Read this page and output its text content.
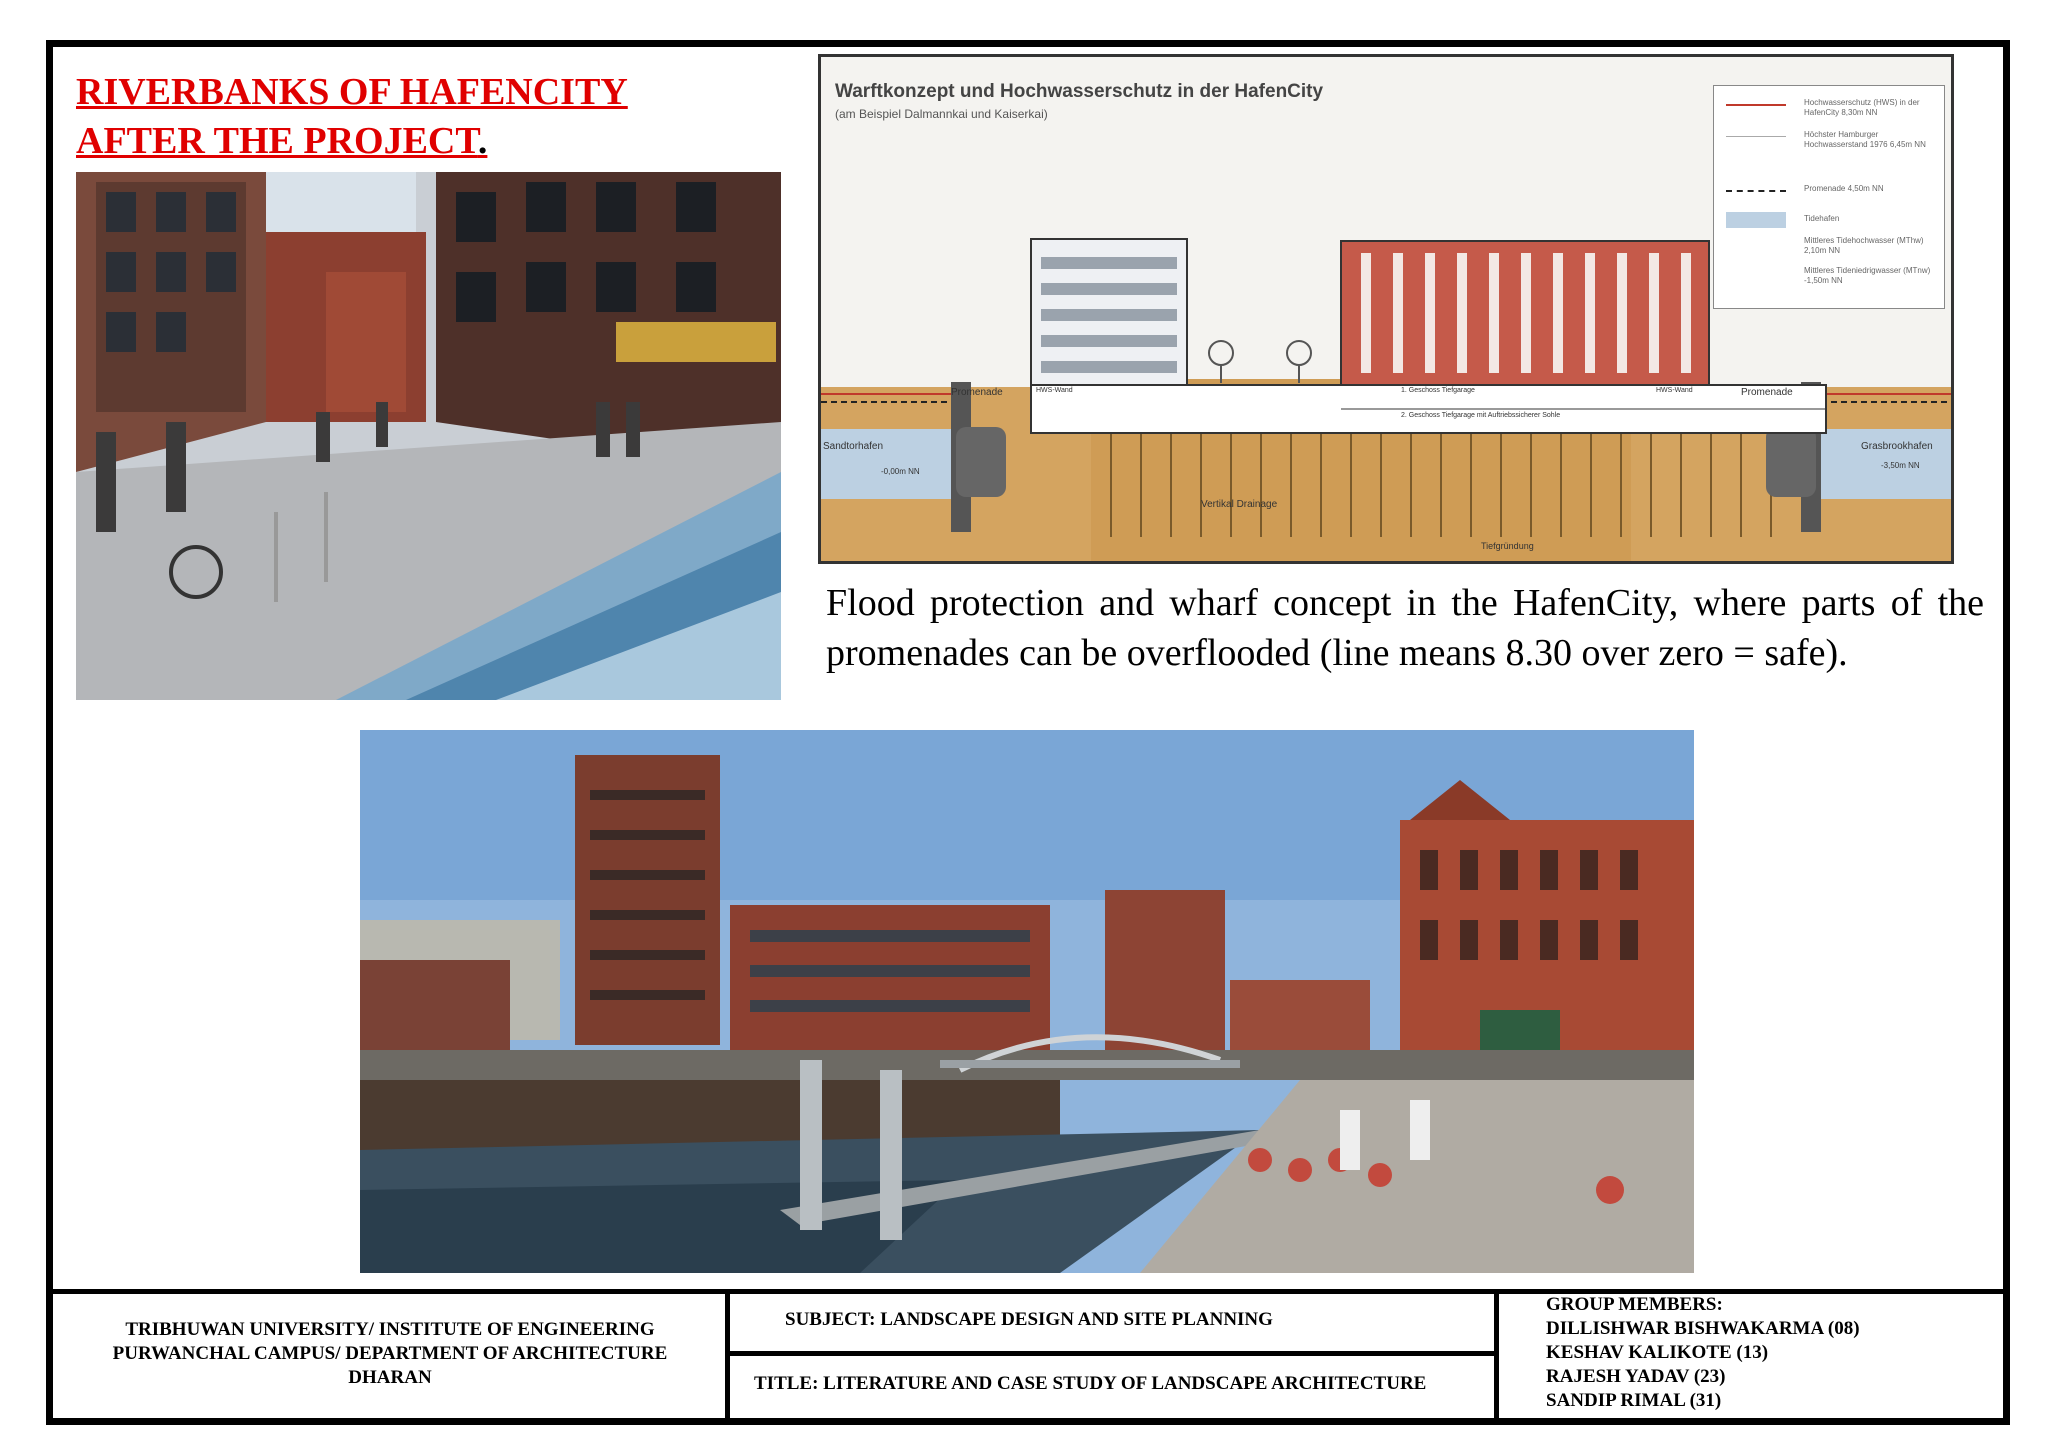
RIVERBANKS OF HAFENCITY
AFTER THE PROJECT.
Warftkonzept und Hochwasserschutz in der HafenCity
(am Beispiel Dalmannkai und Kaiserkai)
Hochwasserschutz (HWS) in der HafenCity 8,30m NN
Höchster Hamburger Hochwasserstand 1976 6,45m NN
Promenade 4,50m NN
Tidehafen
Mittleres Tidehochwasser (MThw) 2,10m NN
Mittleres Tideniedrigwasser (MTnw) -1,50m NN
Promenade	Promenade
HWS-Wand	HWS-Wand
1. Geschoss Tiefgarage
2. Geschoss Tiefgarage mit Auftriebssicherer Sohle
Sandtorhafen	Grasbrookhafen
-0,00m NN
-3,50m NN
Vertikal Drainage
Tiefgründung
Flood protection and wharf concept in the HafenCity, where parts of the promenades can be overflooded (line means 8.30 over zero = safe).
TRIBHUWAN UNIVERSITY/ INSTITUTE OF ENGINEERING
PURWANCHAL CAMPUS/ DEPARTMENT OF ARCHITECTURE
DHARAN
SUBJECT: LANDSCAPE DESIGN AND SITE PLANNING
TITLE: LITERATURE AND CASE STUDY OF LANDSCAPE ARCHITECTURE
GROUP MEMBERS:
DILLISHWAR BISHWAKARMA (08)
KESHAV KALIKOTE (13)
RAJESH YADAV (23)
SANDIP RIMAL (31)
